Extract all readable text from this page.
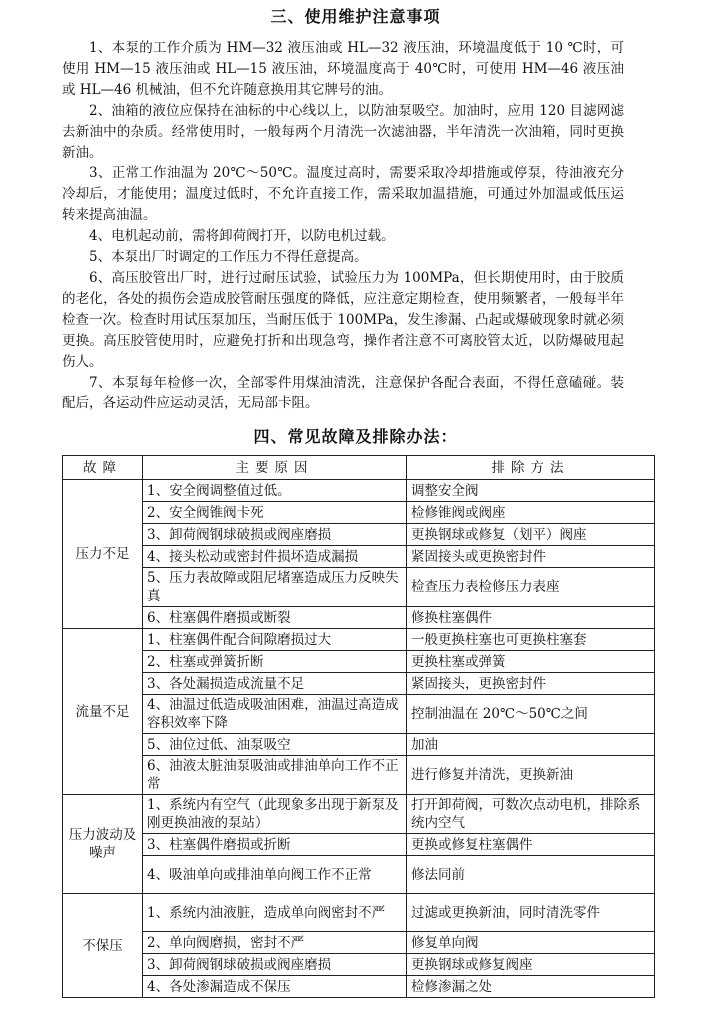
三、使用维护注意事项

1、本泵的工作介质为 HM—32 液压油或 HL—32 液压油，环境温度低于 10 ℃时，可使用 HM—15 液压油或 HL—15 液压油，环境温度高于 40℃时，可使用 HM—46 液压油或 HL—46 机械油，但不允许随意换用其它牌号的油。

2、油箱的液位应保持在油标的中心线以上，以防油泵吸空。加油时，应用 120 目滤网滤去新油中的杂质。经常使用时，一般每两个月清洗一次滤油器，半年清洗一次油箱，同时更换新油。

3、正常工作油温为 20℃～50℃。温度过高时，需要采取冷却措施或停泵，待油液充分冷却后，才能使用；温度过低时，不允许直接工作，需采取加温措施，可通过外加温或低压运转来提高油温。

4、电机起动前，需将卸荷阀打开，以防电机过载。

5、本泵出厂时调定的工作压力不得任意提高。

6、高压胶管出厂时，进行过耐压试验，试验压力为 100MPa，但长期使用时，由于胶质的老化，各处的损伤会造成胶管耐压强度的降低，应注意定期检查，使用频繁者，一般每半年检查一次。检查时用试压泵加压，当耐压低于 100MPa，发生渗漏、凸起或爆破现象时就必须更换。高压胶管使用时，应避免打折和出现急弯，操作者注意不可离胶管太近，以防爆破甩起伤人。

7、本泵每年检修一次，全部零件用煤油清洗，注意保护各配合表面，不得任意磕碰。装配后，各运动件应运动灵活，无局部卡阻。

四、常见故障及排除办法：
故障	主要原因	排除方法
压力不足	1、安全阀调整值过低。	调整安全阀
	2、安全阀锥阀卡死	检修锥阀或阀座
	3、卸荷阀钢球破损或阀座磨损	更换钢球或修复（划平）阀座
	4、接头松动或密封件损坏造成漏损	紧固接头或更换密封件
	5、压力表故障或阻尼堵塞造成压力反映失真	检查压力表检修压力表座
	6、柱塞偶件磨损或断裂	修换柱塞偶件
流量不足	1、柱塞偶件配合间隙磨损过大	一般更换柱塞也可更换柱塞套
	2、柱塞或弹簧折断	更换柱塞或弹簧
	3、各处漏损造成流量不足	紧固接头，更换密封件
	4、油温过低造成吸油困难，油温过高造成容积效率下降	控制油温在 20℃～50℃之间
	5、油位过低、油泵吸空	加油
	6、油液太脏油泵吸油或排油单向工作不正常	进行修复并清洗，更换新油
压力波动及噪声	1、系统内有空气（此现象多出现于新泵及刚更换油液的泵站）	打开卸荷阀，可数次点动电机，排除系统内空气
	3、柱塞偶件磨损或折断	更换或修复柱塞偶件
	4、吸油单向或排油单向阀工作不正常	修法同前
不保压	1、系统内油液脏，造成单向阀密封不严	过滤或更换新油，同时清洗零件
	2、单向阀磨损，密封不严	修复单向阀
	3、卸荷阀钢球破损或阀座磨损	更换钢球或修复阀座
	4、各处渗漏造成不保压	检修渗漏之处
